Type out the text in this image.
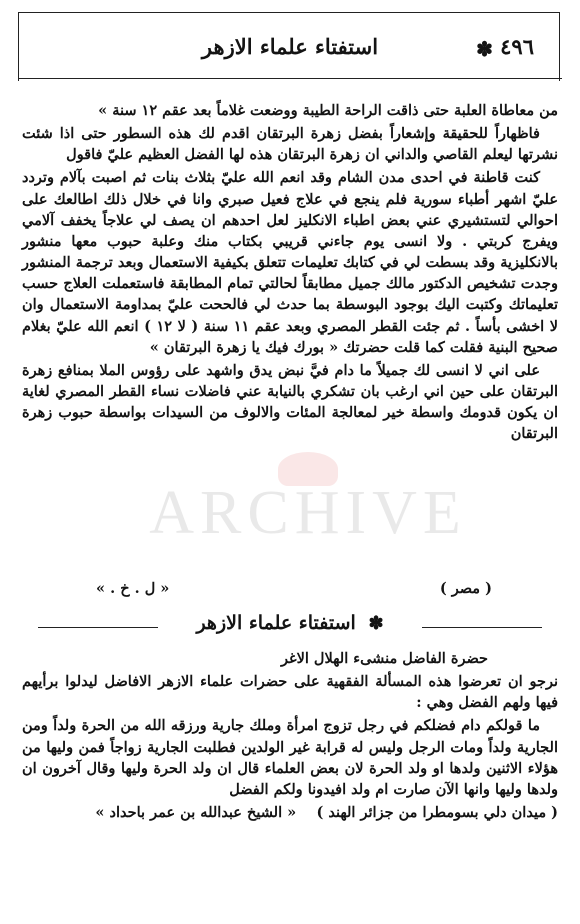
٤٩٦ ✽
استفتاء علماء الازهر

من معاطاة العلبة حتى ذاقت الراحة الطيبة ووضعت غلاماً بعد عقم ١٢ سنة »

فاظهاراً للحقيقة وإشعاراً بفضل زهرة البرتقان اقدم لك هذه السطور حتى اذا شئت نشرتها ليعلم القاصي والداني ان زهرة البرتقان هذه لها الفضل العظيم عليّ فاقول

كنت قاطنة في احدى مدن الشام وقد انعم الله عليّ بثلاث بنات ثم اصبت بآلام وتردد عليّ اشهر أطباء سورية فلم ينجع في علاج فعيل صبري وانا في خلال ذلك اطالعك على احوالي لتستشيري عني بعض اطباء الانكليز لعل احدهم ان يصف لي علاجاً يخفف آلامي ويفرج كربتي . ولا انسى يوم جاءني قريبي بكتاب منك وعلبة حبوب معها منشور بالانكليزية وقد بسطت لي في كتابك تعليمات تتعلق بكيفية الاستعمال وبعد ترجمة المنشور وجدت تشخيص الدكتور مالك جميل مطابقاً لحالتي تمام المطابقة فاستعملت العلاج حسب تعليماتك وكتبت اليك بوجود البوسطة بما حدث لي فالححت عليّ بمداومة الاستعمال وان لا اخشى بأساً . ثم جئت القطر المصري وبعد عقم ١١ سنة ( لا ١٢ ) انعم الله عليّ بغلام صحيح البنية فقلت كما قلت حضرتك « بورك فيك يا زهرة البرتقان »

على اني لا انسى لك جميلاً ما دام فيَّ نبض يدق واشهد على رؤوس الملا بمنافع زهرة البرتقان على حين اني ارغب بان تشكري بالنيابة عني فاضلات نساء القطر المصري لغاية ان يكون قدومك واسطة خير لمعالجة المئات والالوف من السيدات بواسطة حبوب زهرة البرتقان

( مصر )
« ل . خ . »
✽ استفتاء علماء الازهر

حضرة الفاضل منشىء الهلال الاغر

نرجو ان تعرضوا هذه المسألة الفقهية على حضرات علماء الازهر الافاضل ليدلوا برأيهم فيها ولهم الفضل وهي :

ما قولكم دام فضلكم في رجل تزوج امرأة وملك جارية ورزقه الله من الحرة ولداً ومن الجارية ولداً ومات الرجل وليس له قرابة غير الولدين فطلبت الجارية زواجاً فمن وليها من هؤلاء الاثنين ولدها او ولد الحرة لان بعض العلماء قال ان ولد الحرة وليها وقال آخرون ان ولدها وليها وانها الآن صارت ام ولد افيدونا ولكم الفضل

( ميدان دلي بسومطرا من جزائر الهند )    « الشيخ عبدالله بن عمر باحداد »

ARCHIVE
